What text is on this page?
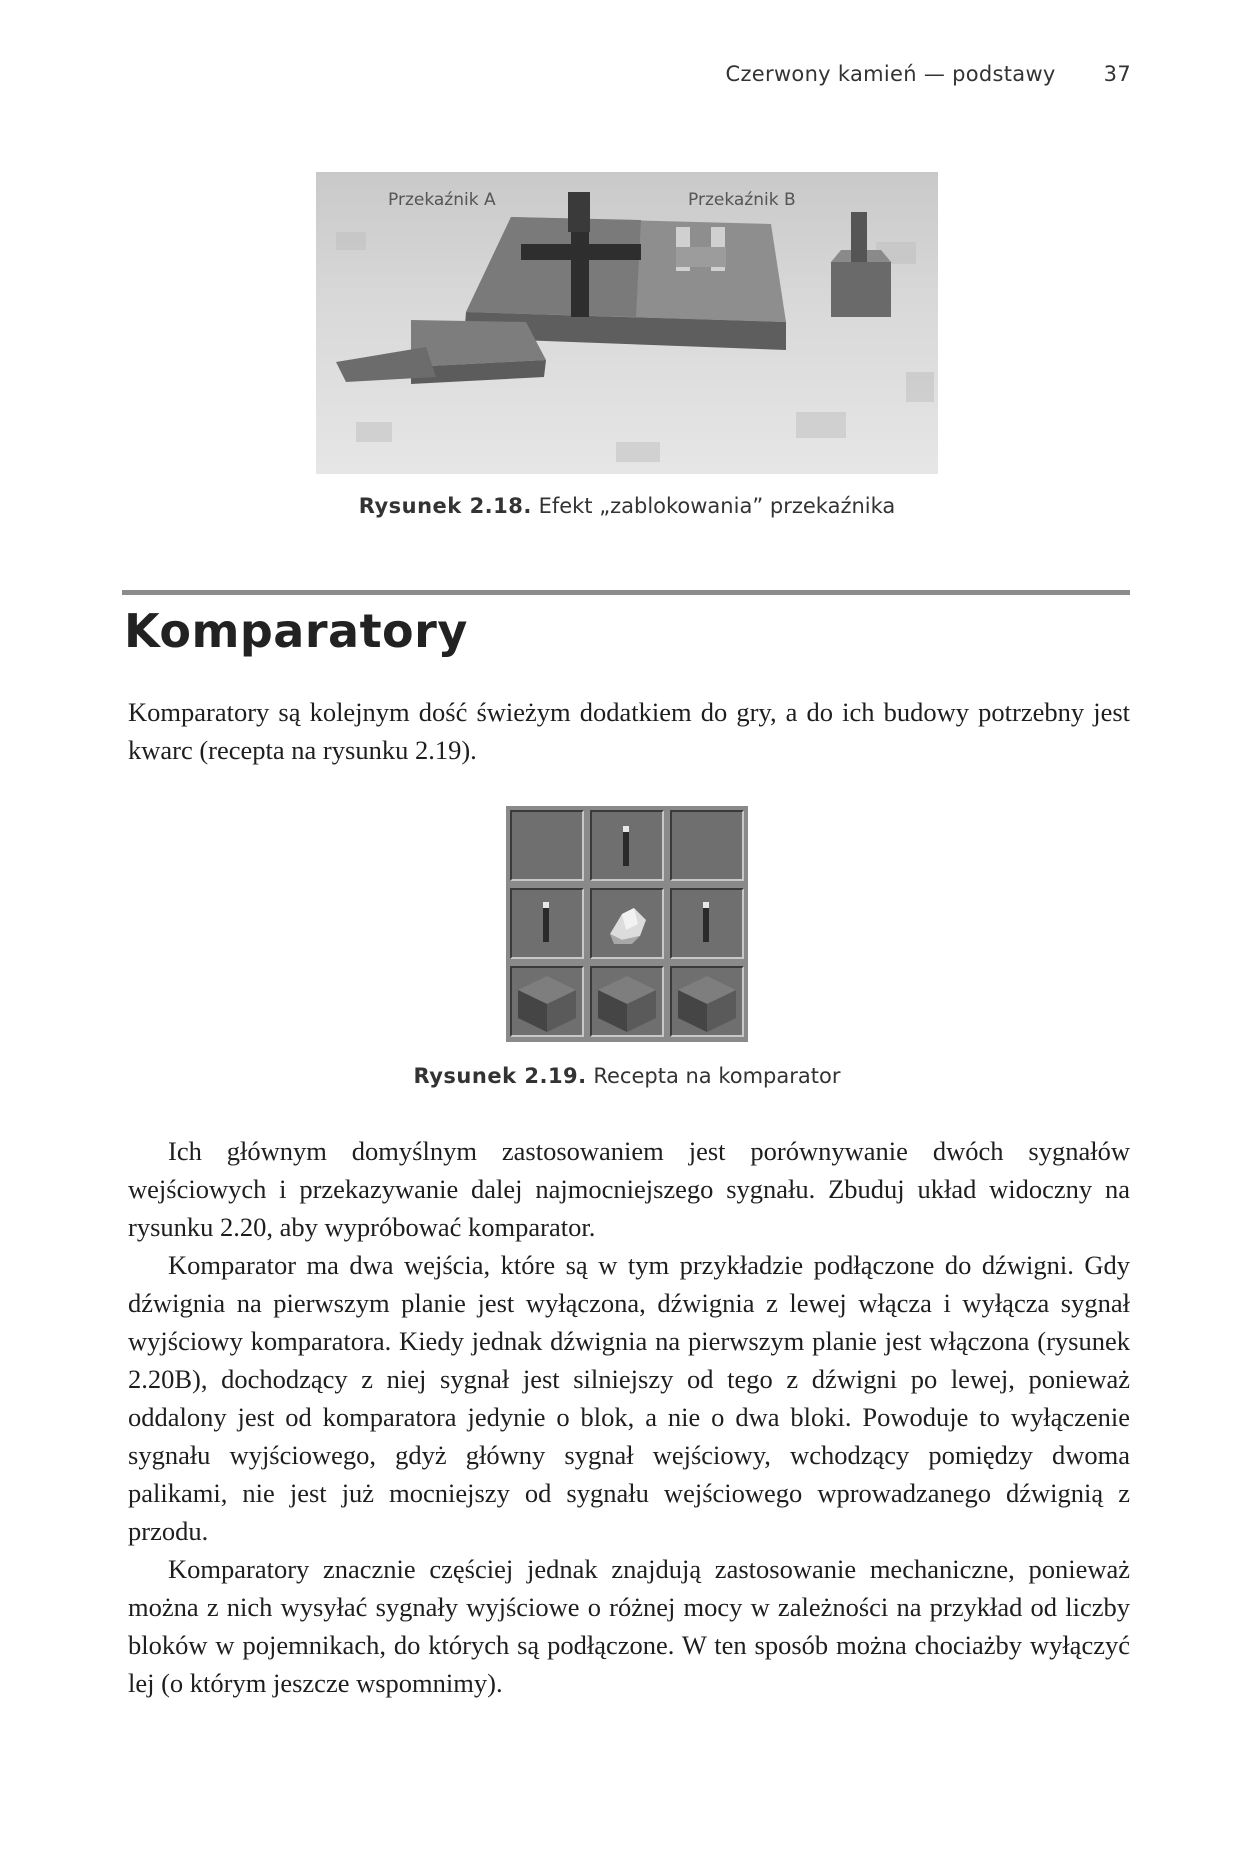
Czerwony kamień — podstawy 37
Przekaźnik A	Przekaźnik B
Rysunek 2.18. Efekt „zablokowania” przekaźnika
Komparatory
Komparatory są kolejnym dość świeżym dodatkiem do gry, a do ich budowy potrzebny jest kwarc (recepta na rysunku 2.19).
Rysunek 2.19. Recepta na komparator
Ich głównym domyślnym zastosowaniem jest porównywanie dwóch sygnałów wejściowych i przekazywanie dalej najmocniejszego sygnału. Zbuduj układ widoczny na rysunku 2.20, aby wypróbować komparator.
Komparator ma dwa wejścia, które są w tym przykładzie podłączone do dźwigni. Gdy dźwignia na pierwszym planie jest wyłączona, dźwignia z lewej włącza i wyłącza sygnał wyjściowy komparatora. Kiedy jednak dźwignia na pierwszym planie jest włączona (rysunek 2.20B), dochodzący z niej sygnał jest silniejszy od tego z dźwigni po lewej, ponieważ oddalony jest od komparatora jedynie o blok, a nie o dwa bloki. Powoduje to wyłączenie sygnału wyjściowego, gdyż główny sygnał wejściowy, wchodzący pomiędzy dwoma palikami, nie jest już mocniejszy od sygnału wejściowego wprowadzanego dźwignią z przodu.
Komparatory znacznie częściej jednak znajdują zastosowanie mechaniczne, ponieważ można z nich wysyłać sygnały wyjściowe o różnej mocy w zależności na przykład od liczby bloków w pojemnikach, do których są podłączone. W ten sposób można chociażby wyłączyć lej (o którym jeszcze wspomnimy).
